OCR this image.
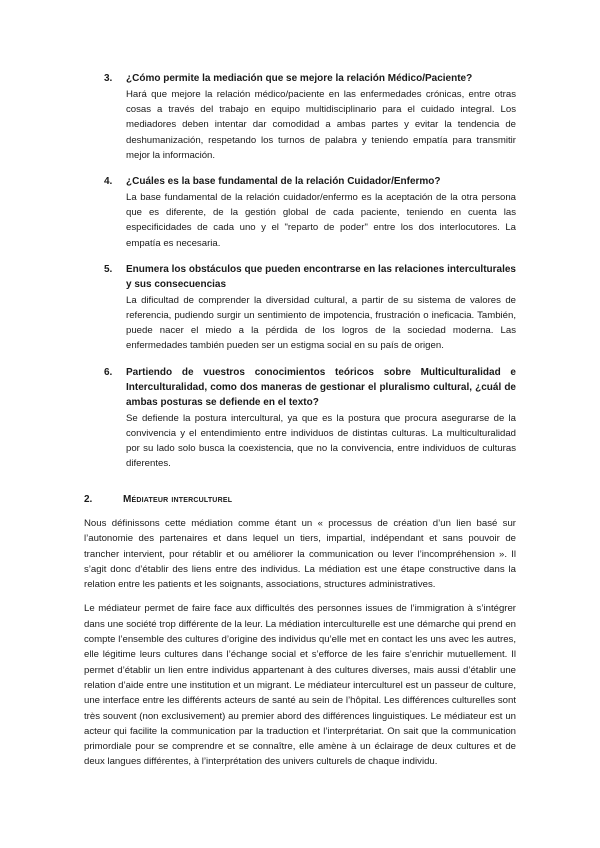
3.	¿Cómo permite la mediación que se mejore la relación Médico/Paciente?
Hará que mejore la relación médico/paciente en las enfermedades crónicas, entre otras cosas a través del trabajo en equipo multidisciplinario para el cuidado integral. Los mediadores deben intentar dar comodidad a ambas partes y evitar la tendencia de deshumanización, respetando los turnos de palabra y teniendo empatía para transmitir mejor la información.
4.	¿Cuáles es la base fundamental de la relación Cuidador/Enfermo?
La base fundamental de la relación cuidador/enfermo es la aceptación de la otra persona que es diferente, de la gestión global de cada paciente, teniendo en cuenta las especificidades de cada uno y el "reparto de poder" entre los dos interlocutores. La empatía es necesaria.
5.	Enumera los obstáculos que pueden encontrarse en las relaciones interculturales y sus consecuencias
La dificultad de comprender la diversidad cultural, a partir de su sistema de valores de referencia, pudiendo surgir un sentimiento de impotencia, frustración o ineficacia. También, puede nacer el miedo a la pérdida de los logros de la sociedad moderna. Las enfermedades también pueden ser un estigma social en su país de origen.
6.	Partiendo de vuestros conocimientos teóricos sobre Multiculturalidad e Interculturalidad, como dos maneras de gestionar el pluralismo cultural, ¿cuál de ambas posturas se defiende en el texto?
Se defiende la postura intercultural, ya que es la postura que procura asegurarse de la convivencia y el entendimiento entre individuos de distintas culturas. La multiculturalidad por su lado solo busca la coexistencia, que no la convivencia, entre individuos de culturas diferentes.
2.	Médiateur interculturel

Nous définissons cette médiation comme étant un « processus de création d’un lien basé sur l’autonomie des partenaires et dans lequel un tiers, impartial, indépendant et sans pouvoir de trancher intervient, pour rétablir et ou améliorer la communication ou lever l’incompréhension ». Il s’agit donc d’établir des liens entre des individus. La médiation est une étape constructive dans la relation entre les patients et les soignants, associations, structures administratives.

Le médiateur permet de faire face aux difficultés des personnes issues de l’immigration à s’intégrer dans une société trop différente de la leur. La médiation interculturelle est une démarche qui prend en compte l’ensemble des cultures d’origine des individus qu’elle met en contact les uns avec les autres, elle légitime leurs cultures dans l’échange social et s’efforce de les faire s’enrichir mutuellement. Il permet d’établir un lien entre individus appartenant à des cultures diverses, mais aussi d’établir une relation d’aide entre une institution et un migrant. Le médiateur interculturel est un passeur de culture, une interface entre les différents acteurs de santé au sein de l’hôpital. Les différences culturelles sont très souvent (non exclusivement) au premier abord des différences linguistiques. Le médiateur est un acteur qui facilite la communication par la traduction et l’interprétariat. On sait que la communication primordiale pour se comprendre et se connaître, elle amène à un éclairage de deux cultures et de deux langues différentes, à l’interprétation des univers culturels de chaque individu.
